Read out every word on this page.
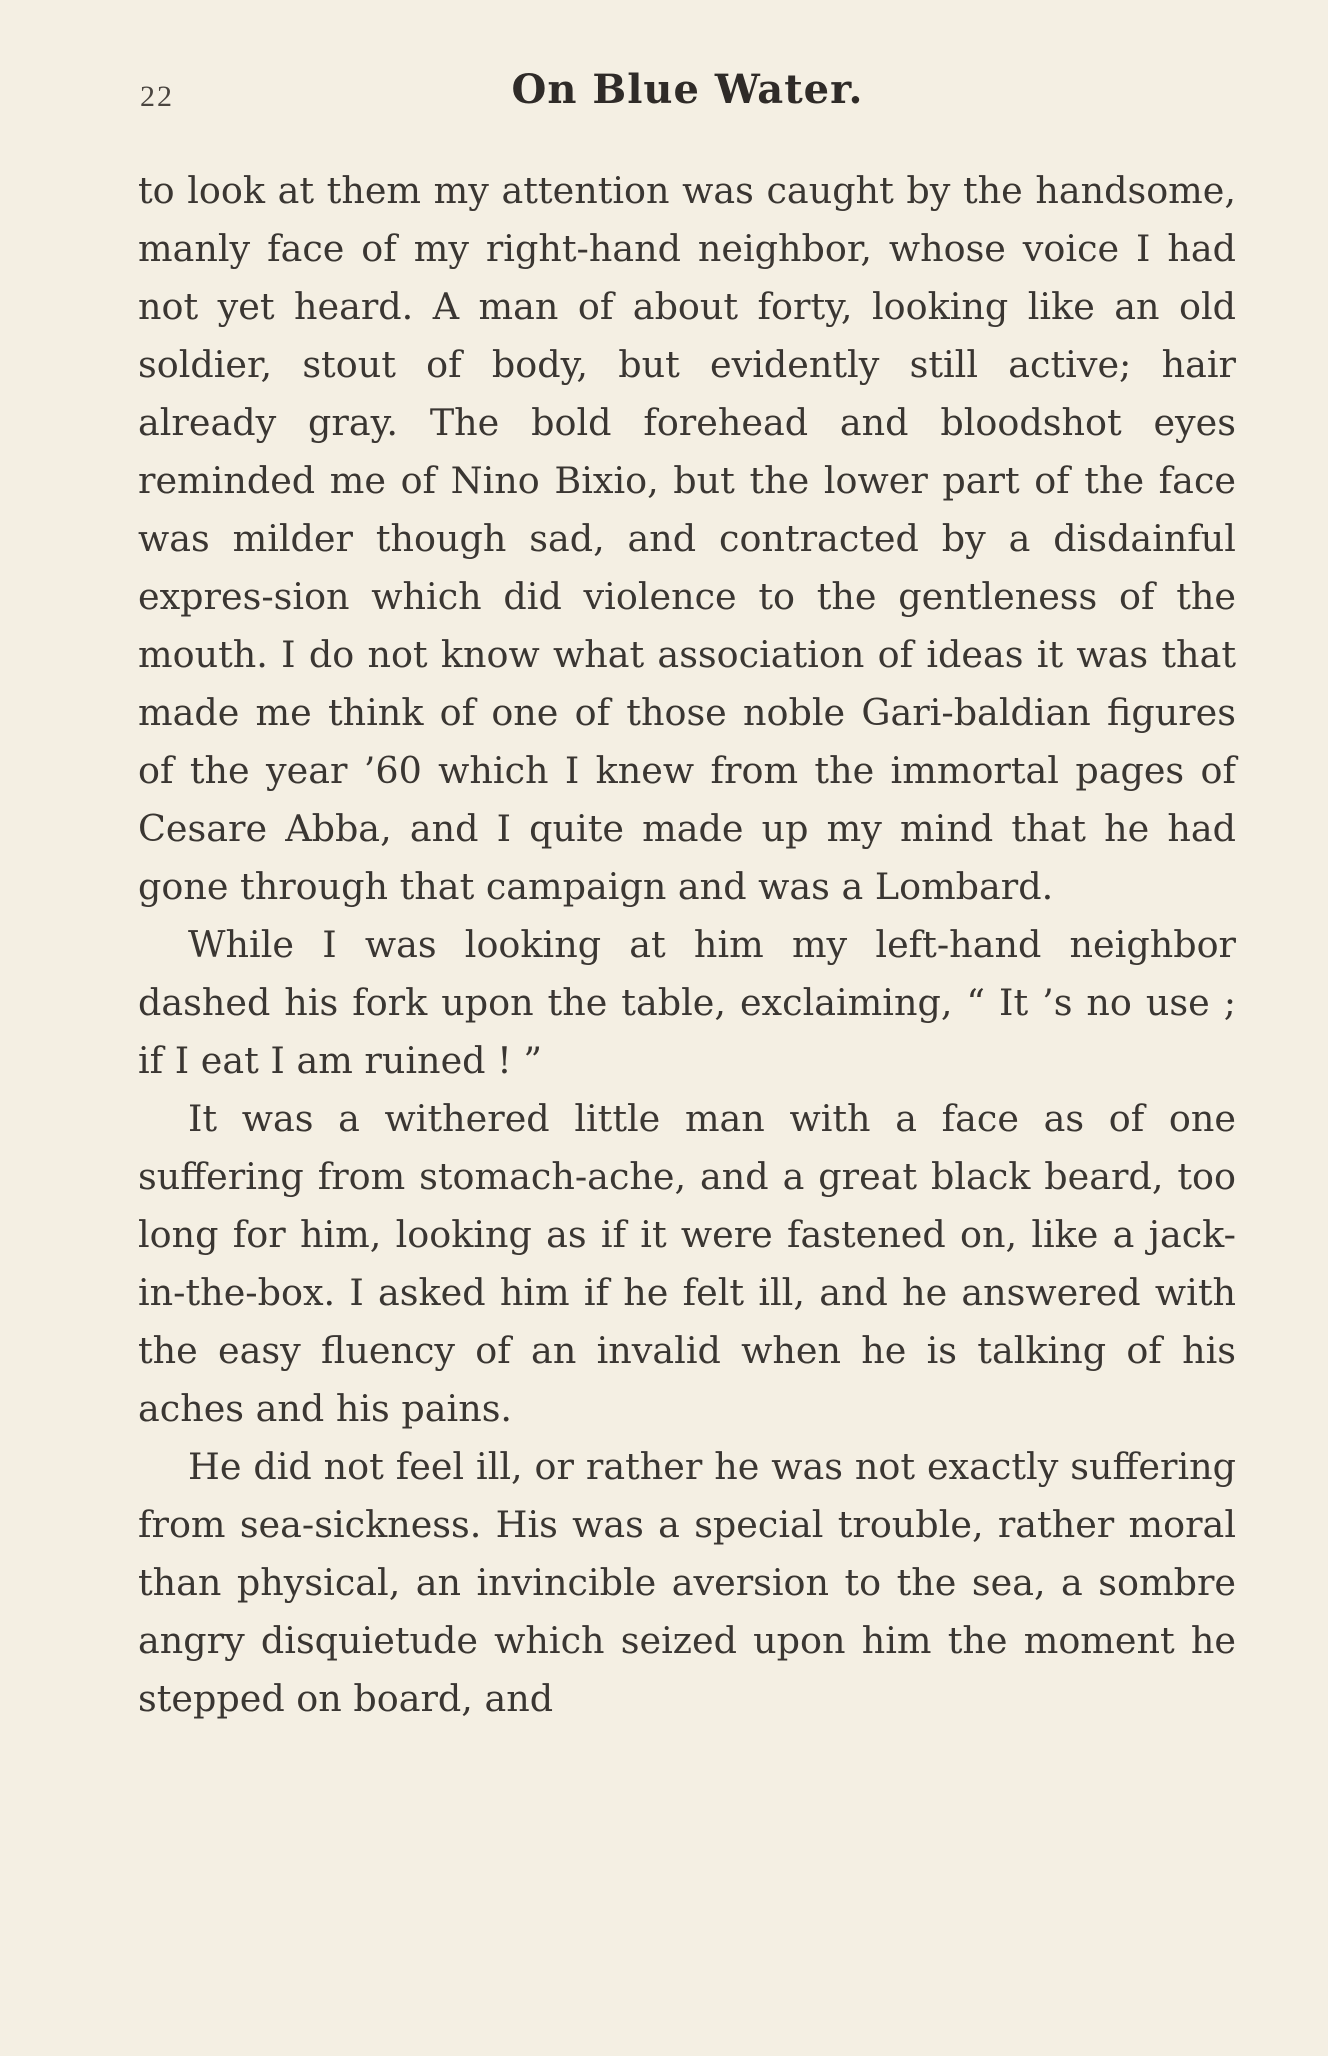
22	On Blue Water.

to look at them my attention was caught by the handsome, manly face of my right-hand neighbor, whose voice I had not yet heard. A man of about forty, looking like an old soldier, stout of body, but evidently still active; hair already gray. The bold forehead and bloodshot eyes reminded me of Nino Bixio, but the lower part of the face was milder though sad, and contracted by a disdainful expres-sion which did violence to the gentleness of the mouth. I do not know what association of ideas it was that made me think of one of those noble Gari-baldian figures of the year ’60 which I knew from the immortal pages of Cesare Abba, and I quite made up my mind that he had gone through that campaign and was a Lombard.

While I was looking at him my left-hand neighbor dashed his fork upon the table, exclaiming, “ It ’s no use ; if I eat I am ruined ! ”

It was a withered little man with a face as of one suffering from stomach-ache, and a great black beard, too long for him, looking as if it were fastened on, like a jack-in-the-box. I asked him if he felt ill, and he answered with the easy fluency of an invalid when he is talking of his aches and his pains.

He did not feel ill, or rather he was not exactly suffering from sea-sickness. His was a special trouble, rather moral than physical, an invincible aversion to the sea, a sombre angry disquietude which seized upon him the moment he stepped on board, and
